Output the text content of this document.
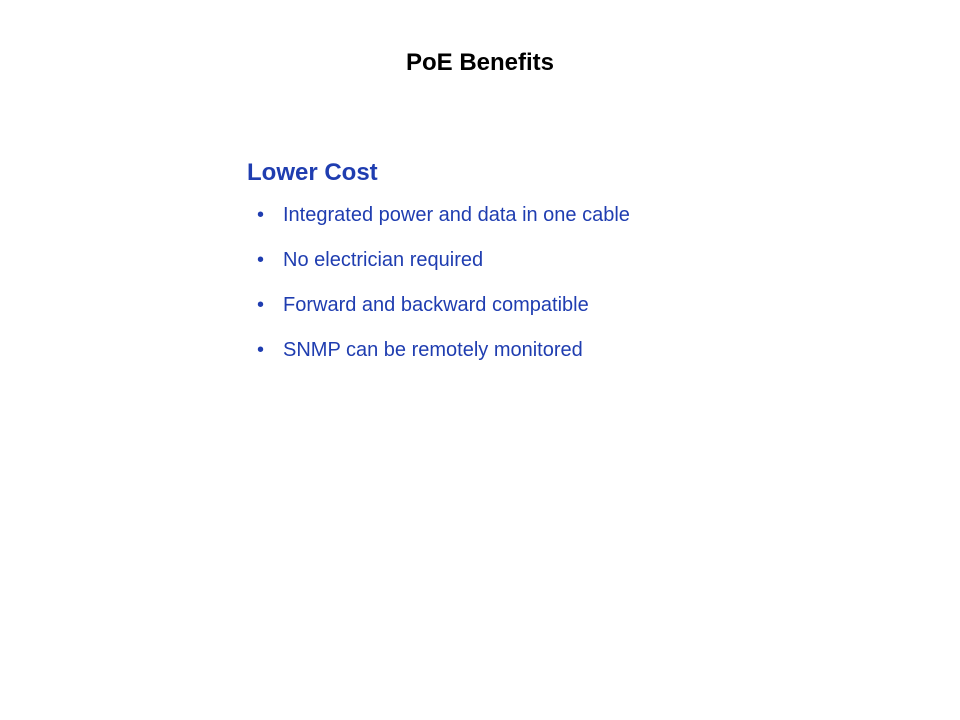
PoE Benefits
Lower Cost
• Integrated power and data in one cable
• No electrician required
• Forward and backward compatible
• SNMP can be remotely monitored
